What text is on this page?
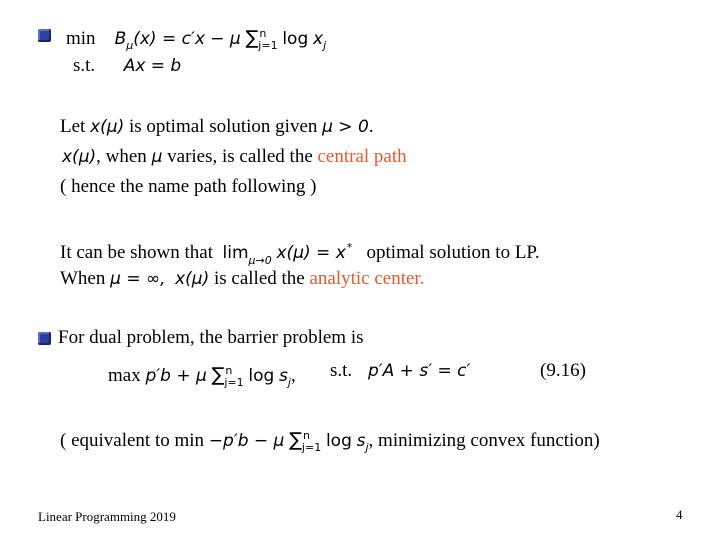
$\min B_\mu(x) = c'x - \mu$ ∑$^n_{j=1}$ $\log x_j$
s.t. Ax = b
Let x(μ) is optimal solution given μ > 0.
x(μ), when μ varies, is called the central path
( hence the name path following )
It can be shown that $\lim_{\mu\to 0} x(\mu) = x^*$ optimal solution to LP.
When μ = ∞, x(μ) is called the analytic center.
For dual problem, the barrier problem is
max p′b + μ ∑$^n_{j=1}$ $\log s_j$, s.t. p′A + s′ = c′	(9.16)
( equivalent to min −p′b − μ ∑$^n_{j=1}$ $\log s_j$, minimizing convex function)
Linear Programming 2019	4
